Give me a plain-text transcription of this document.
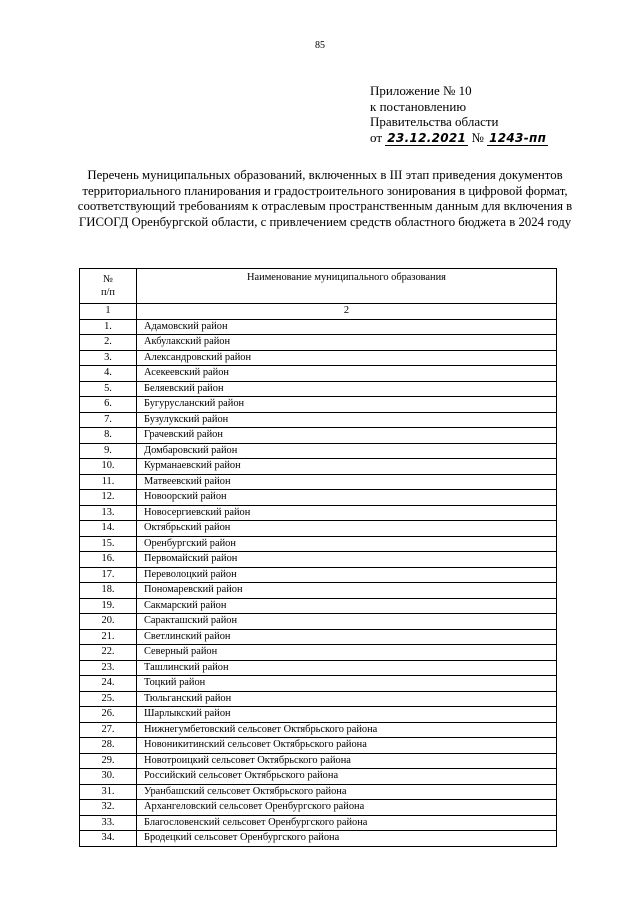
85
Приложение № 10
к постановлению
Правительства области
от 23.12.2021 № 1243-пп
Перечень муниципальных образований, включенных в III этап приведения документов территориального планирования и градостроительного зонирования в цифровой формат, соответствующий требованиям к отраслевым пространственным данным для включения в ГИСОГД Оренбургской области, с привлечением средств областного бюджета в 2024 году
№
п/п	Наименование муниципального образования
1	2
1.	Адамовский район
2.	Акбулакский район
3.	Александровский район
4.	Асекеевский район
5.	Беляевский район
6.	Бугурусланский район
7.	Бузулукский район
8.	Грачевский район
9.	Домбаровский район
10.	Курманаевский район
11.	Матвеевский район
12.	Новоорский район
13.	Новосергиевский район
14.	Октябрьский район
15.	Оренбургский район
16.	Первомайский район
17.	Переволоцкий район
18.	Пономаревский район
19.	Сакмарский район
20.	Саракташский район
21.	Светлинский район
22.	Северный район
23.	Ташлинский район
24.	Тоцкий район
25.	Тюльганский район
26.	Шарлыкский район
27.	Нижнегумбетовский сельсовет Октябрьского района
28.	Новоникитинский сельсовет Октябрьского района
29.	Новотроицкий сельсовет Октябрьского района
30.	Российский сельсовет Октябрьского района
31.	Уранбашский сельсовет Октябрьского района
32.	Архангеловский сельсовет Оренбургского района
33.	Благословенский сельсовет Оренбургского района
34.	Бродецкий сельсовет Оренбургского района
